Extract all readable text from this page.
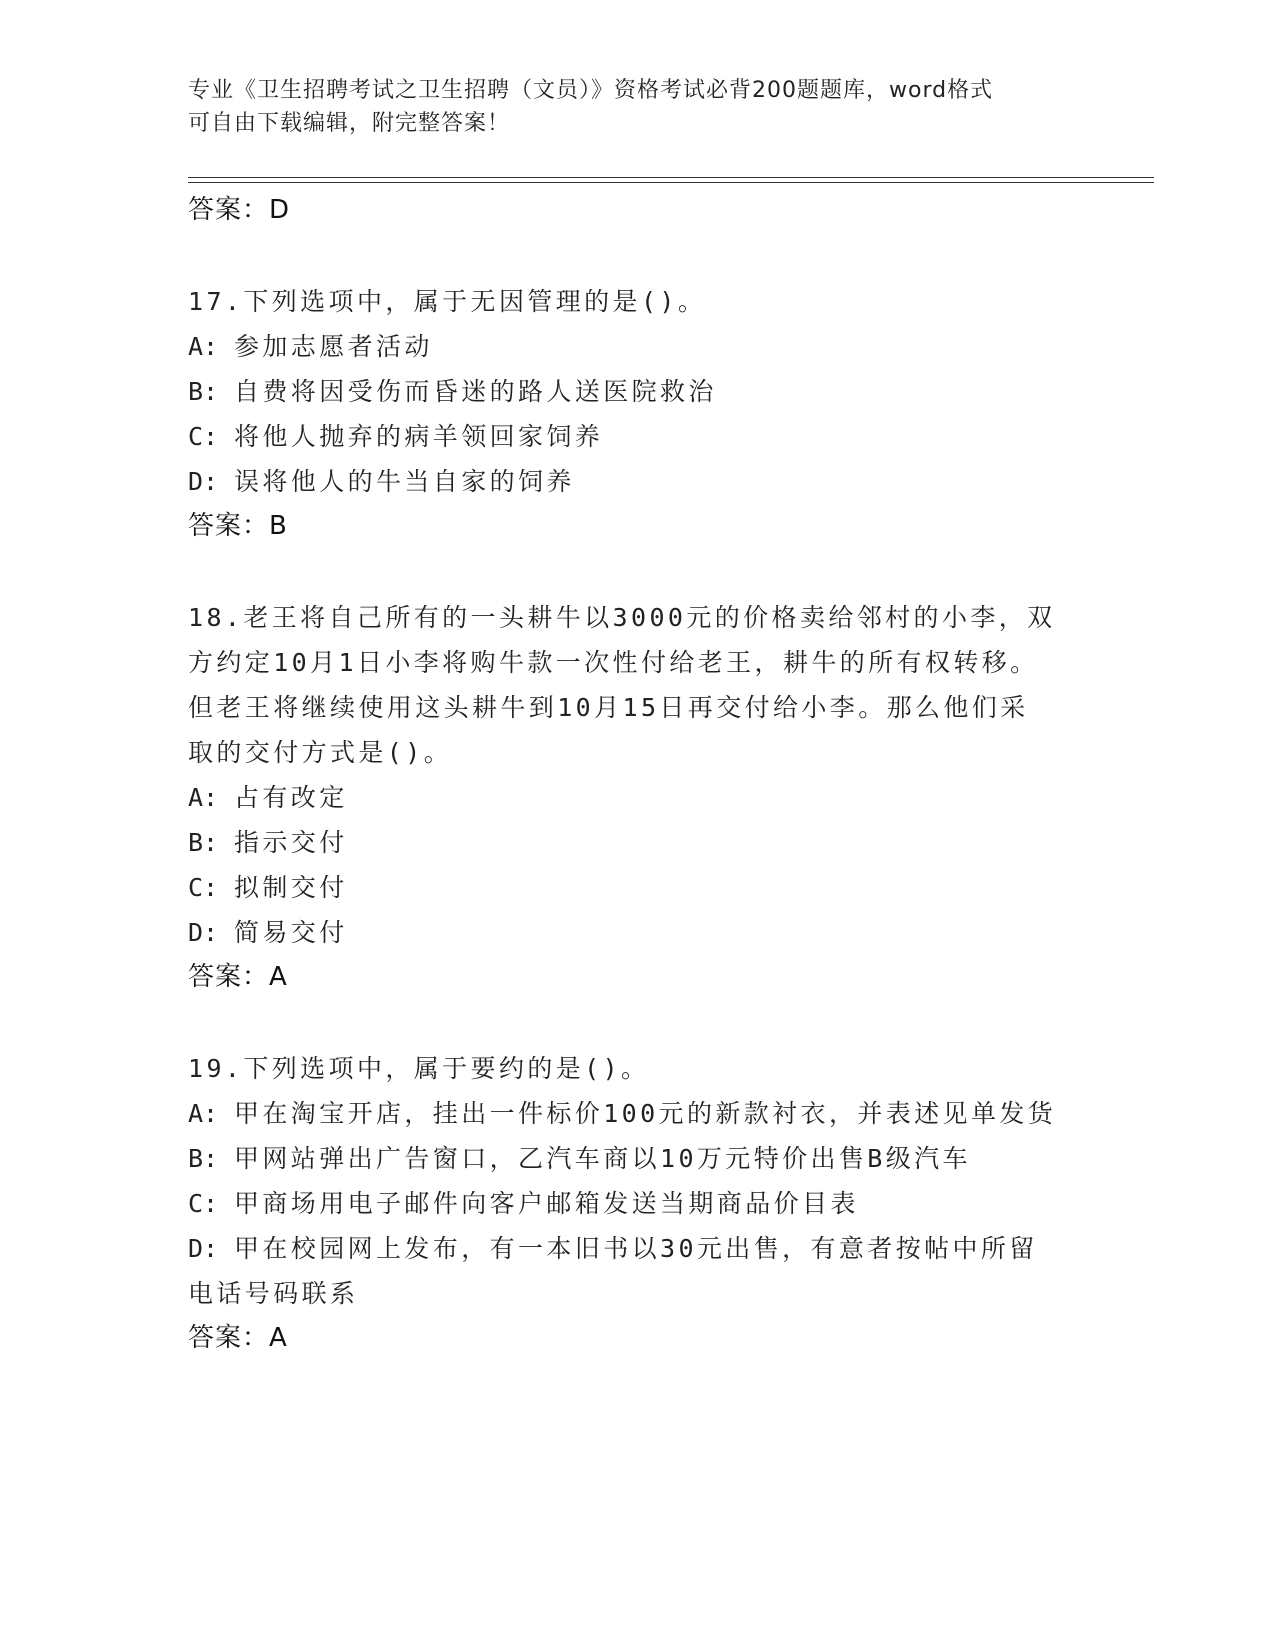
专业《卫生招聘考试之卫生招聘（文员）》资格考试必背200题题库，word格式
可自由下载编辑，附完整答案！
答案：D
17.下列选项中，属于无因管理的是()。
A: 参加志愿者活动
B: 自费将因受伤而昏迷的路人送医院救治
C: 将他人抛弃的病羊领回家饲养
D: 误将他人的牛当自家的饲养
答案：B
18.老王将自己所有的一头耕牛以3000元的价格卖给邻村的小李，双
方约定10月1日小李将购牛款一次性付给老王，耕牛的所有权转移。
但老王将继续使用这头耕牛到10月15日再交付给小李。那么他们采
取的交付方式是()。
A: 占有改定
B: 指示交付
C: 拟制交付
D: 简易交付
答案：A
19.下列选项中，属于要约的是()。
A: 甲在淘宝开店，挂出一件标价100元的新款衬衣，并表述见单发货
B: 甲网站弹出广告窗口，乙汽车商以10万元特价出售B级汽车
C: 甲商场用电子邮件向客户邮箱发送当期商品价目表
D: 甲在校园网上发布，有一本旧书以30元出售，有意者按帖中所留
电话号码联系
答案：A
